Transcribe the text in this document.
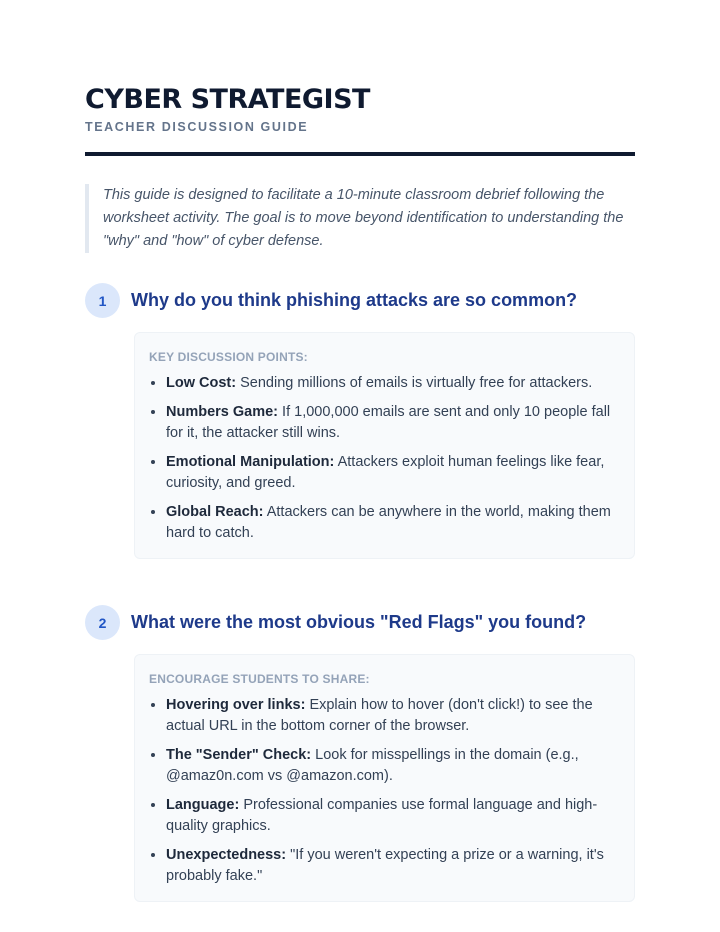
CYBER STRATEGIST
TEACHER DISCUSSION GUIDE
This guide is designed to facilitate a 10-minute classroom debrief following the worksheet activity. The goal is to move beyond identification to understanding the "why" and "how" of cyber defense.
1	Why do you think phishing attacks are so common?
KEY DISCUSSION POINTS:
• Low Cost: Sending millions of emails is virtually free for attackers.
• Numbers Game: If 1,000,000 emails are sent and only 10 people fall for it, the attacker still wins.
• Emotional Manipulation: Attackers exploit human feelings like fear, curiosity, and greed.
• Global Reach: Attackers can be anywhere in the world, making them hard to catch.
2	What were the most obvious "Red Flags" you found?
ENCOURAGE STUDENTS TO SHARE:
• Hovering over links: Explain how to hover (don't click!) to see the actual URL in the bottom corner of the browser.
• The "Sender" Check: Look for misspellings in the domain (e.g., @amaz0n.com vs @amazon.com).
• Language: Professional companies use formal language and high-quality graphics.
• Unexpectedness: "If you weren't expecting a prize or a warning, it's probably fake."
